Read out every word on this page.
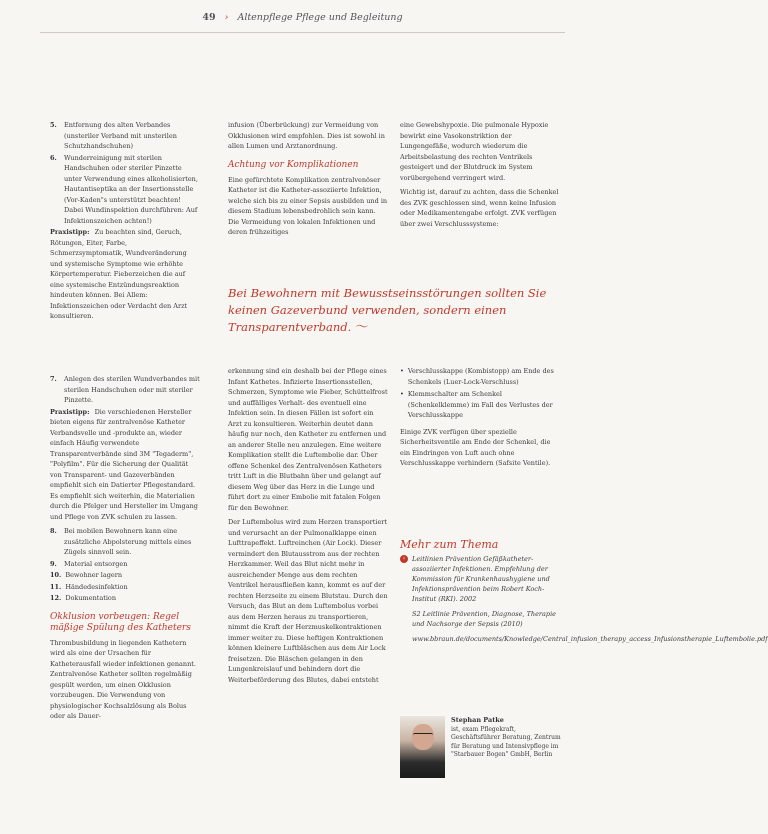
49 › Altenpflege Pflege und Begleitung
5.	Entfernung des alten Verbandes (unsteriler Verband mit unsterilen Schutzhandschuhen)
6.	Wunderreinigung mit sterilen Handschuhen oder steriler Pinzette unter Verwendung eines alkoholisierten, Hautantiseptika an der Insertionsstelle (Vor-Kaden"s unterstützt beachten! Dabei Wundinspektion durchführen: Auf Infektionszeichen achten!)

Praxistipp: Zu beachten sind, Geruch, Rötungen, Eiter, Farbe, Schmerzsymptomatik, Wundveränderung und systemische Symptome wie erhöhte Körpertemperatur. Fieberzeichen die auf eine systemische Entzündungsreaktion hindeuten können. Bei Allem: Infektionszeichen oder Verdacht den Arzt konsultieren.

infusion (Überbrückung) zur Vermeidung von Okklusionen wird empfohlen. Dies ist sowohl in allen Lumen und Arztanordnung.

Achtung vor Komplikationen

Eine gefürchtete Komplikation zentralvenöser Katheter ist die Katheter-assoziierte Infektion, welche sich bis zu einer Sepsis ausbilden und in diesem Stadium lebensbedrohlich sein kann. Die Vermeidung von lokalen Infektionen und deren frühzeitiges

eine Gewebshypoxie. Die pulmonale Hypoxie bewirkt eine Vasokonstriktion der Lungengefäße, wodurch wiederum die Arbeitsbelastung des rechten Ventrikels gesteigert und der Blutdruck im System vorübergehend verringert wird.

Wichtig ist, darauf zu achten, dass die Schenkel des ZVK geschlossen sind, wenn keine Infusion oder Medikamentengabe erfolgt. ZVK verfügen über zwei Verschlusssysteme:

Bei Bewohnern mit Bewusstseinsstörungen sollten Sie keinen Gazeverbund verwenden, sondern einen Transparentverband. 〜
7.	Anlegen des sterilen Wundverbandes mit sterilen Handschuhen oder mit steriler Pinzette.

Praxistipp: Die verschiedenen Hersteller bieten eigens für zentralvenöse Katheter Verbandsvelle und -produkte an, wieder einfach Häufig verwendete Transparentverbände sind 3M "Tegaderm", "Polyfilm". Für die Sicherung der Qualität von Transparent- und Gazeverbänden empfiehlt sich ein Datierter Pflegestandard. Es empfiehlt sich weiterhin, die Materialien durch die Pfelger und Hersteller im Umgang und Pflege von ZVK schulen zu lassen.

8.	Bei mobilen Bewohnern kann eine zusätzliche Abpolsterung mittels eines Zügels sinnvoll sein.
9.	Material entsorgen
10. Bewohner lagern
11. Händedesinfektion
12. Dokumentation
Okklusion vorbeugen: Regel mäßige Spülung des Katheters

Thrombusbildung in liegenden Kathetern wird als eine der Ursachen für Katheterausfall wieder infektionen genannt. Zentralvenöse Katheter sollten regelmäßig gespült werden, um einen Okklusion vorzubeugen. Die Verwendung von physiologischer Kochsalzlösung als Bolus oder als Dauer-

erkennung sind ein deshalb bei der Pflege eines Infant Kathetes. Infizierte Insertionsstellen, Schmerzen, Symptome wie Fieber, Schüttelfrost und auffälliges Verhalt- des eventuell eine Infektion sein. In diesen Fällen ist sofort ein Arzt zu konsultieren. Weiterhin deutet dann häufig nur noch, den Katheter zu entfernen und an anderer Stelle neu anzulegen. Eine weitere Komplikation stellt die Luftembolie dar. Über offene Schenkel des Zentralvenösen Katheters tritt Luft in die Blutbahn über und gelangt auf diesem Weg über das Herz in die Lunge und führt dort zu einer Embolie mit fatalen Folgen für den Bewohner.

Der Luftembolus wird zum Herzen transportiert und verursacht an der Pulmonalklappe einen Lufttrapeffekt. Luftreinchen (Air Lock). Dieser vermindert den Blutausstrom aus der rechten Herzkammer. Weil das Blut nicht mehr in ausreichender Menge aus dem rechten Ventrikel herausfließen kann, kommt es auf der rechten Herzseite zu einem Blutstau. Durch den Versuch, das Blut an dem Luftembolus vorbei aus dem Herzen heraus zu transportieren, nimmt die Kraft der Herzmuskelkontraktionen immer weiter zu. Diese heftigen Kontraktionen können kleinere Luftbläschen aus dem Air Lock freisetzen. Die Bläschen gelangen in den Lungenkreislauf und behindern dort die Weiterbeförderung des Blutes, dabei entsteht

• Verschlusskappe (Kombistopp) am Ende des Schenkels (Luer-Lock-Verschluss)
• Klemmschalter am Schenkel (Schenkelklemme) im Fall des Verlustes der Verschlusskappe

Einige ZVK verfügen über spezielle Sicherheitsventile am Ende der Schenkel, die ein Eindringen von Luft auch ohne Verschlusskappe verhindern (Safsite Ventile).

Mehr zum Thema
›	Leitlinien Prävention Gefäßkatheter-assoziierter Infektionen. Empfehlung der Kommission für Krankenhaushygiene und Infektionsprävention beim Robert Koch-Institut (RKI). 2002
S2 Leitlinie Prävention, Diagnose, Therapie und Nachsorge der Sepsis (2010)
www.bbraun.de/documents/Knowledge/Central_infusion_therapy_access_Infusionstherapie_Luftembolie.pdf
Stephan Patke
ist, exam Pflegekraft, Geschäftsführer Beratung, Zentrum für Beratung und Intensivpflege im "Starbauer Bogen" GmbH, Berlin
